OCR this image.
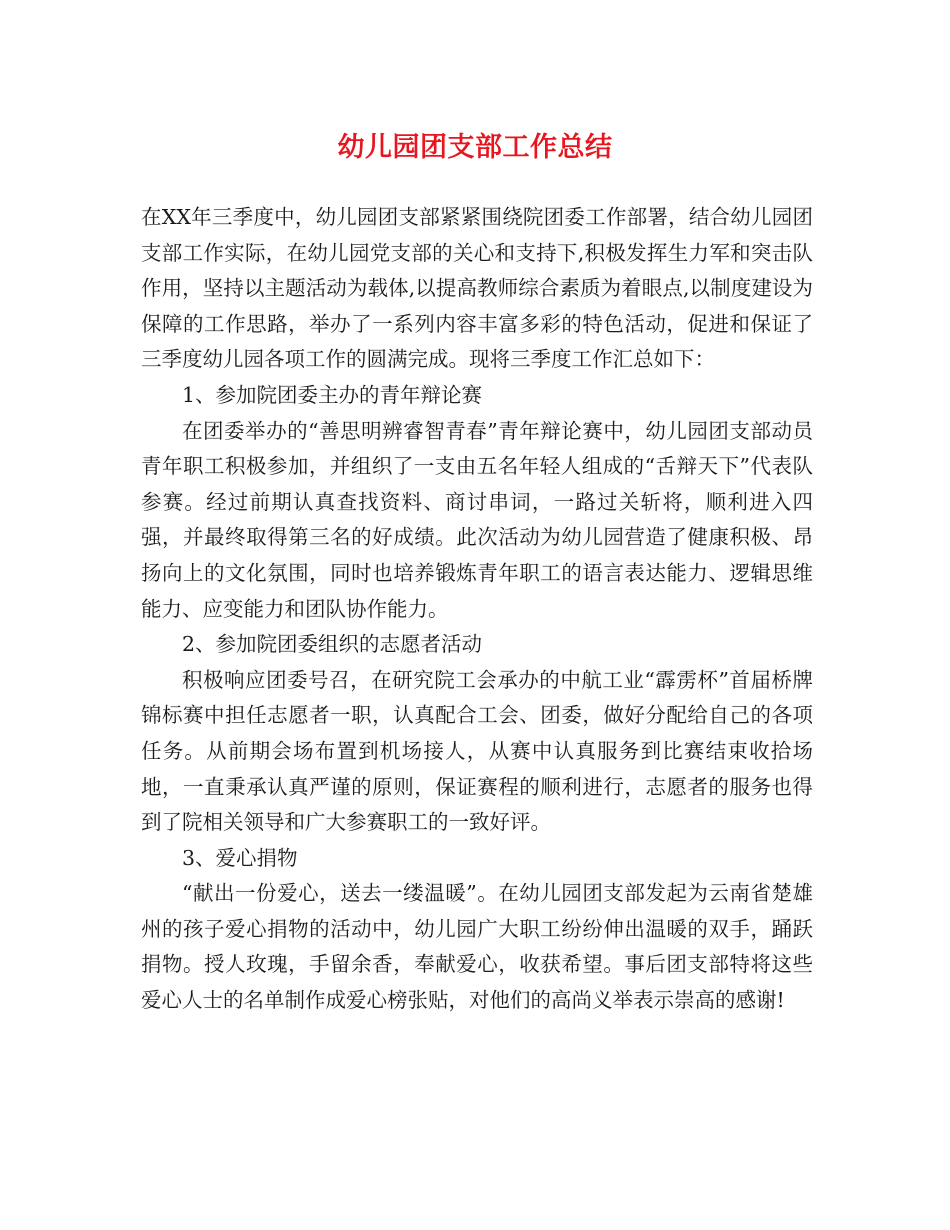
幼儿园团支部工作总结

在XX年三季度中，幼儿园团支部紧紧围绕院团委工作部署，结合幼儿园团支部工作实际，在幼儿园党支部的关心和支持下,积极发挥生力军和突击队作用，坚持以主题活动为载体,以提高教师综合素质为着眼点,以制度建设为保障的工作思路，举办了一系列内容丰富多彩的特色活动，促进和保证了三季度幼儿园各项工作的圆满完成。现将三季度工作汇总如下：

1、参加院团委主办的青年辩论赛

在团委举办的“善思明辨睿智青春”青年辩论赛中，幼儿园团支部动员青年职工积极参加，并组织了一支由五名年轻人组成的“舌辩天下”代表队参赛。经过前期认真查找资料、商讨串词，一路过关斩将，顺利进入四强，并最终取得第三名的好成绩。此次活动为幼儿园营造了健康积极、昂扬向上的文化氛围，同时也培养锻炼青年职工的语言表达能力、逻辑思维能力、应变能力和团队协作能力。

2、参加院团委组织的志愿者活动

积极响应团委号召，在研究院工会承办的中航工业“霹雳杯”首届桥牌锦标赛中担任志愿者一职，认真配合工会、团委，做好分配给自己的各项任务。从前期会场布置到机场接人，从赛中认真服务到比赛结束收拾场地，一直秉承认真严谨的原则，保证赛程的顺利进行，志愿者的服务也得到了院相关领导和广大参赛职工的一致好评。

3、爱心捐物

“献出一份爱心，送去一缕温暖”。在幼儿园团支部发起为云南省楚雄州的孩子爱心捐物的活动中，幼儿园广大职工纷纷伸出温暖的双手，踊跃捐物。授人玫瑰，手留余香，奉献爱心，收获希望。事后团支部特将这些爱心人士的名单制作成爱心榜张贴，对他们的高尚义举表示崇高的感谢!
